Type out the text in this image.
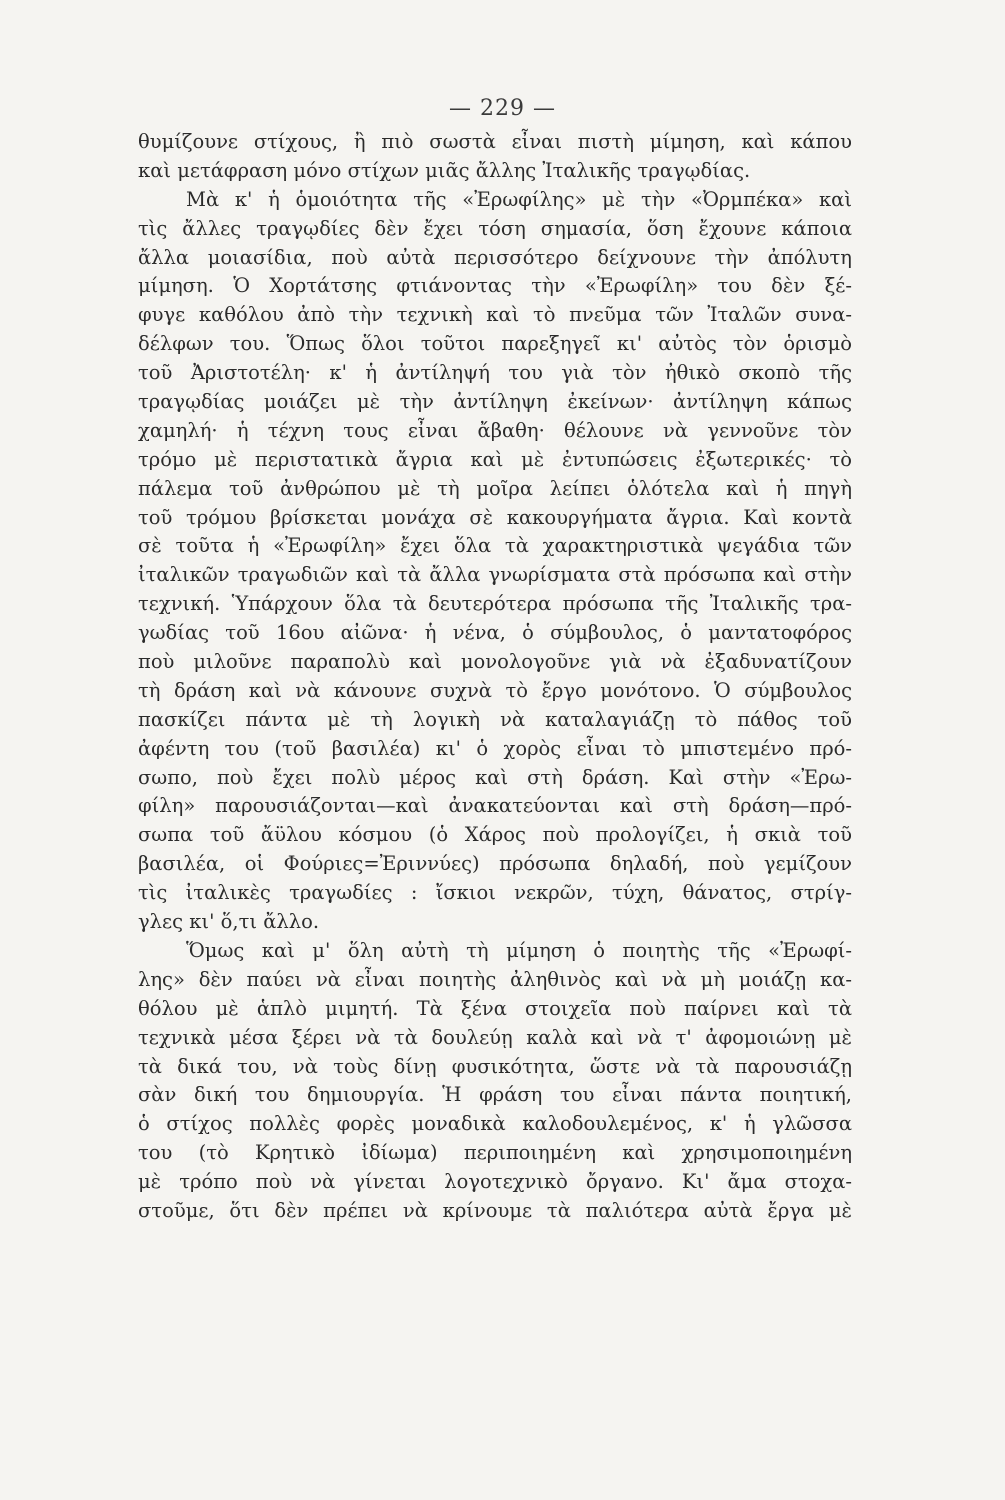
— 229 —
θυμίζουνε στίχους, ἢ πιὸ σωστὰ εἶναι πιστὴ μίμηση, καὶ κάπου
καὶ μετάφραση μόνο στίχων μιᾶς ἄλλης Ἰταλικῆς τραγῳδίας.
Μὰ κ' ἡ ὁμοιότητα τῆς «Ἐρωφίλης» μὲ τὴν «Ὀρμπέκα» καὶ
τὶς ἄλλες τραγῳδίες δὲν ἔχει τόση σημασία, ὅση ἔχουνε κάποια
ἄλλα μοιασίδια, ποὺ αὐτὰ περισσότερο δείχνουνε τὴν ἀπόλυτη
μίμηση. Ὁ Χορτάτσης φτιάνοντας τὴν «Ἐρωφίλη» του δὲν ξέ-
φυγε καθόλου ἀπὸ τὴν τεχνικὴ καὶ τὸ πνεῦμα τῶν Ἰταλῶν συνα-
δέλφων του. Ὅπως ὅλοι τοῦτοι παρεξηγεῖ κι' αὐτὸς τὸν ὁρισμὸ
τοῦ Ἀριστοτέλη· κ' ἡ ἀντίληψή του γιὰ τὸν ἠθικὸ σκοπὸ τῆς
τραγῳδίας μοιάζει μὲ τὴν ἀντίληψη ἐκείνων· ἀντίληψη κάπως
χαμηλή· ἡ τέχνη τους εἶναι ἄβαθη· θέλουνε νὰ γεννοῦνε τὸν
τρόμο μὲ περιστατικὰ ἄγρια καὶ μὲ ἐντυπώσεις ἐξωτερικές· τὸ
πάλεμα τοῦ ἀνθρώπου μὲ τὴ μοῖρα λείπει ὁλότελα καὶ ἡ πηγὴ
τοῦ τρόμου βρίσκεται μονάχα σὲ κακουργήματα ἄγρια. Καὶ κοντὰ
σὲ τοῦτα ἡ «Ἐρωφίλη» ἔχει ὅλα τὰ χαρακτηριστικὰ ψεγάδια τῶν
ἰταλικῶν τραγωδιῶν καὶ τὰ ἄλλα γνωρίσματα στὰ πρόσωπα καὶ στὴν
τεχνική. Ὑπάρχουν ὅλα τὰ δευτερότερα πρόσωπα τῆς Ἰταλικῆς τρα-
γωδίας τοῦ 16ου αἰῶνα· ἡ νένα, ὁ σύμβουλος, ὁ μαντατοφόρος
ποὺ μιλοῦνε παραπολὺ καὶ μονολογοῦνε γιὰ νὰ ἐξαδυνατίζουν
τὴ δράση καὶ νὰ κάνουνε συχνὰ τὸ ἔργο μονότονο. Ὁ σύμβουλος
πασκίζει πάντα μὲ τὴ λογικὴ νὰ καταλαγιάζῃ τὸ πάθος τοῦ
ἀφέντη του (τοῦ βασιλέα) κι' ὁ χορὸς εἶναι τὸ μπιστεμένο πρό-
σωπο, ποὺ ἔχει πολὺ μέρος καὶ στὴ δράση. Καὶ στὴν «Ἐρω-
φίλη» παρουσιάζονται—καὶ ἀνακατεύονται καὶ στὴ δράση—πρό-
σωπα τοῦ ἄϋλου κόσμου (ὁ Χάρος ποὺ προλογίζει, ἡ σκιὰ τοῦ
βασιλέα, οἱ Φούριες=Ἐριννύες) πρόσωπα δηλαδή, ποὺ γεμίζουν
τὶς ἰταλικὲς τραγωδίες : ἴσκιοι νεκρῶν, τύχη, θάνατος, στρίγ-
γλες κι' ὅ,τι ἄλλο.
Ὅμως καὶ μ' ὅλη αὐτὴ τὴ μίμηση ὁ ποιητὴς τῆς «Ἐρωφί-
λης» δὲν παύει νὰ εἶναι ποιητὴς ἀληθινὸς καὶ νὰ μὴ μοιάζῃ κα-
θόλου μὲ ἁπλὸ μιμητή. Τὰ ξένα στοιχεῖα ποὺ παίρνει καὶ τὰ
τεχνικὰ μέσα ξέρει νὰ τὰ δουλεύῃ καλὰ καὶ νὰ τ' ἀφομοιώνῃ μὲ
τὰ δικά του, νὰ τοὺς δίνῃ φυσικότητα, ὥστε νὰ τὰ παρουσιάζῃ
σὰν δική του δημιουργία. Ἡ φράση του εἶναι πάντα ποιητική,
ὁ στίχος πολλὲς φορὲς μοναδικὰ καλοδουλεμένος, κ' ἡ γλῶσσα
του (τὸ Κρητικὸ ἰδίωμα) περιποιημένη καὶ χρησιμοποιημένη
μὲ τρόπο ποὺ νὰ γίνεται λογοτεχνικὸ ὄργανο. Κι' ἄμα στοχα-
στοῦμε, ὅτι δὲν πρέπει νὰ κρίνουμε τὰ παλιότερα αὐτὰ ἔργα μὲ
